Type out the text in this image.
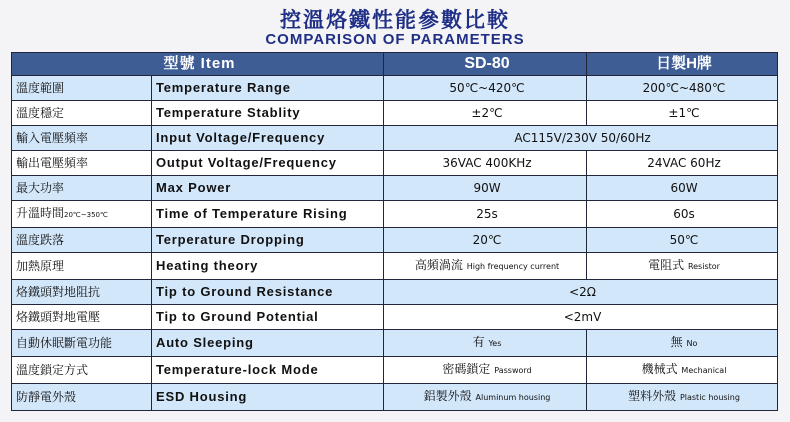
控溫烙鐵性能參數比較
COMPARISON OF PARAMETERS
型號 Item		SD-80	日製H牌
溫度範圍	Temperature Range	50℃~420℃	200℃~480℃
溫度穩定	Temperature Stablity	±2℃	±1℃
輸入電壓頻率	Input Voltage/Frequency	AC115V/230V 50/60Hz	
輸出電壓頻率	Output Voltage/Frequency	36VAC 400KHz	24VAC 60Hz
最大功率	Max Power	90W	60W
升溫時間20℃~350℃	Time of Temperature Rising	25s	60s
溫度跌落	Terperature Dropping	20℃	50℃
加熱原理	Heating theory	高頻渦流 High frequency current	電阻式 Resistor
烙鐵頭對地阻抗	Tip to Ground Resistance	<2Ω	
烙鐵頭對地電壓	Tip to Ground Potential	<2mV	
自動休眠斷電功能	Auto Sleeping	有 Yes	無 No
溫度鎖定方式	Temperature-lock Mode	密碼鎖定 Password	機械式 Mechanical
防靜電外殼	ESD Housing	鋁製外殼 Aluminum housing	塑料外殼 Plastic housing
